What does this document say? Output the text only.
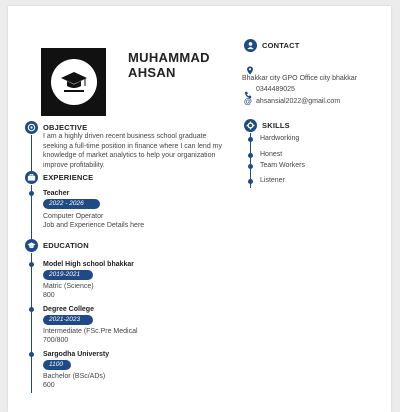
MUHAMMAD
AHSAN
CONTACT
Bhakkar city GPO Office city bhakkar
0344489025
@ ahsansial2022@gmail.com
SKILLS
Hardworking
Honest
Team Workers
Listener
OBJECTIVE
I am a highly driven recent business school graduate
seeking a full-time position in finance where I can lend my
knowledge of market analytics to help your organization
improve profitability.
EXPERIENCE
Teacher
2022 - 2026
Computer Operator
Job and Experience Details here
EDUCATION
Model High school bhakkar
2019-2021
Matric (Science)
800
Degree College
2021-2023
Intermediate (FSc.Pre Medical
700/800
Sargodha Universty
1100
Bachelor (BSc/ADs)
600
